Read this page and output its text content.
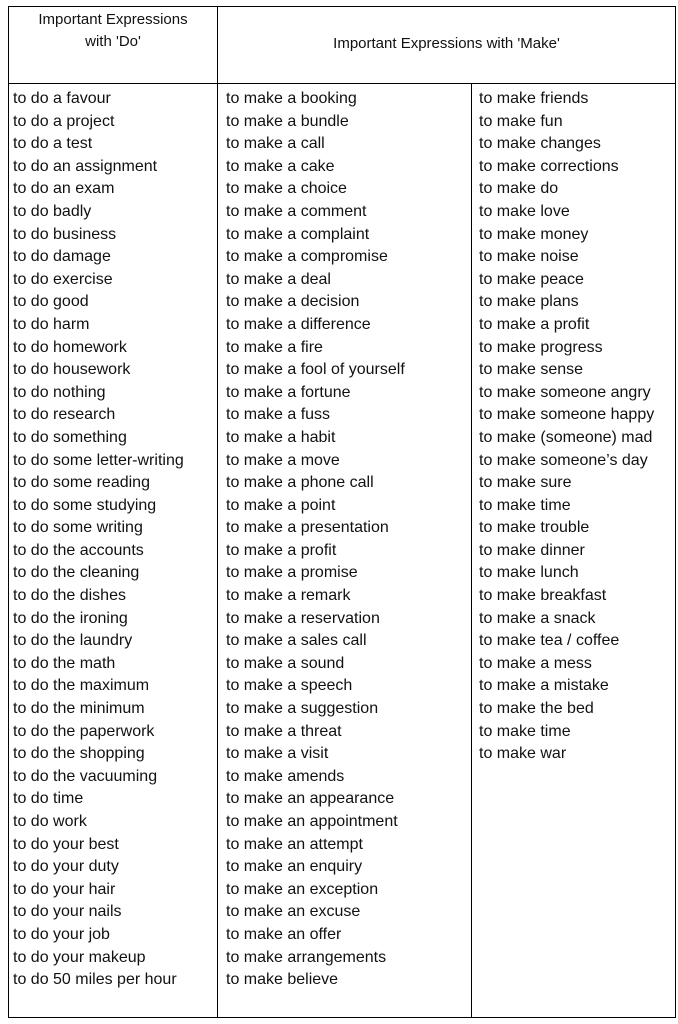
Important Expressions
with 'Do'	Important Expressions with 'Make'
to do a favour
to do a project
to do a test
to do an assignment
to do an exam
to do badly
to do business
to do damage
to do exercise
to do good
to do harm
to do homework
to do housework
to do nothing
to do research
to do something
to do some letter-writing
to do some reading
to do some studying
to do some writing
to do the accounts
to do the cleaning
to do the dishes
to do the ironing
to do the laundry
to do the math
to do the maximum
to do the minimum
to do the paperwork
to do the shopping
to do the vacuuming
to do time
to do work
to do your best
to do your duty
to do your hair
to do your nails
to do your job
to do your makeup
to do 50 miles per hour
to make a booking
to make a bundle
to make a call
to make a cake
to make a choice
to make a comment
to make a complaint
to make a compromise
to make a deal
to make a decision
to make a difference
to make a fire
to make a fool of yourself
to make a fortune
to make a fuss
to make a habit
to make a move
to make a phone call
to make a point
to make a presentation
to make a profit
to make a promise
to make a remark
to make a reservation
to make a sales call
to make a sound
to make a speech
to make a suggestion
to make a threat
to make a visit
to make amends
to make an appearance
to make an appointment
to make an attempt
to make an enquiry
to make an exception
to make an excuse
to make an offer
to make arrangements
to make believe
to make friends
to make fun
to make changes
to make corrections
to make do
to make love
to make money
to make noise
to make peace
to make plans
to make a profit
to make progress
to make sense
to make someone angry
to make someone happy
to make (someone) mad
to make someone’s day
to make sure
to make time
to make trouble
to make dinner
to make lunch
to make breakfast
to make a snack
to make tea / coffee
to make a mess
to make a mistake
to make the bed
to make time
to make war
